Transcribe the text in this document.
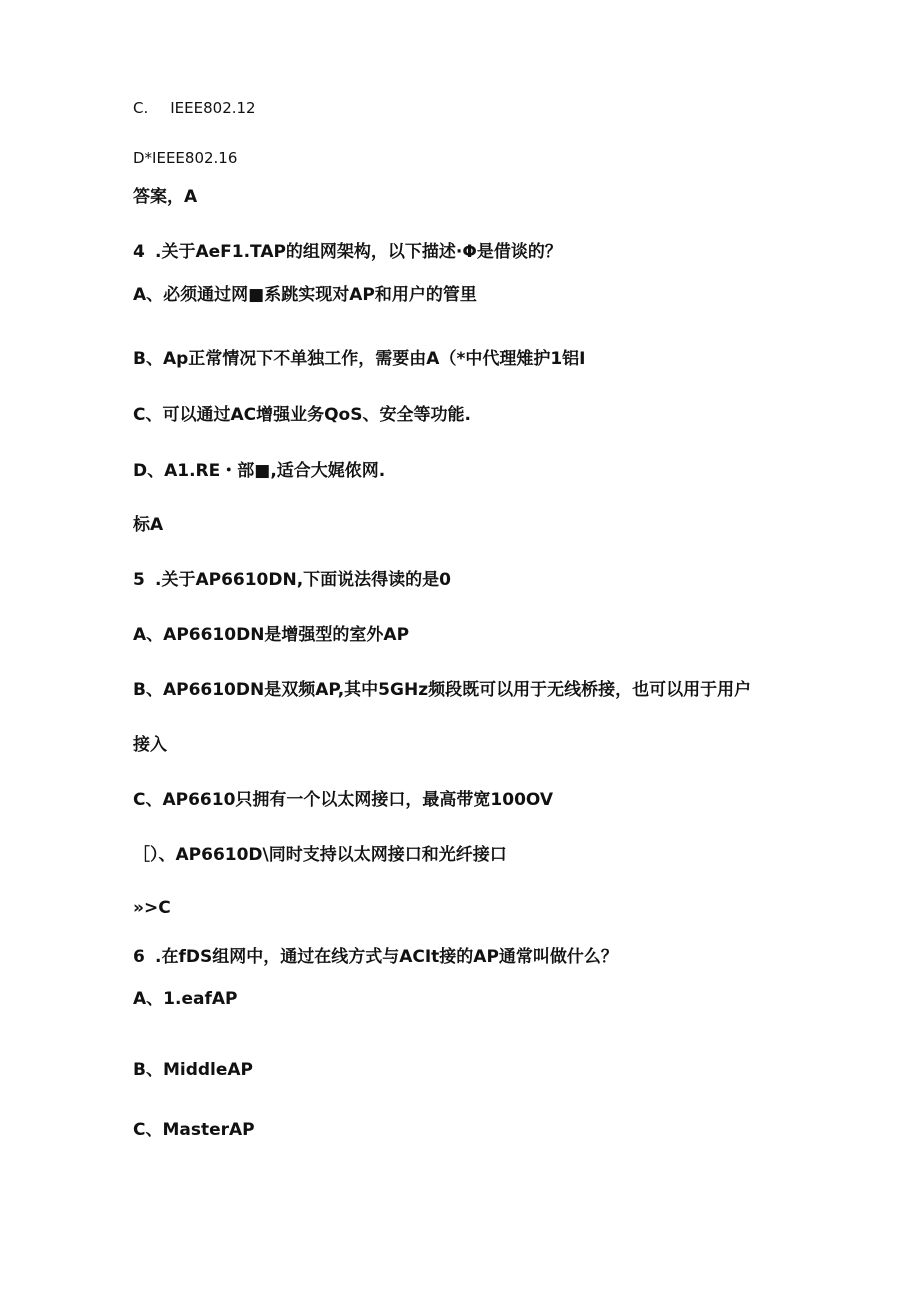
C. IEEE802.12
D*IEEE802.16
答案，A
4 .关于AeF1.TAP的组网架构，以下描述·Φ是借谈的？
A、必须通过网■系跳实现对AP和用户的管里
B、Ap正常情况下不单独工作，需要由A（*中代理雉护1铝I
C、可以通过AC增强业务QoS、安全等功能.
D、A1.RE・部■,适合大娓侬网.
标A
5 .关于AP6610DN,下面说法得读的是0
A、AP6610DN是增强型的室外AP
B、AP6610DN是双频AP,其中5GHz频段既可以用于无线桥接，也可以用于用户
接入
C、AP6610只拥有一个以太网接口，最高带宽100OV
［）、AP6610D\同时支持以太网接口和光纤接口
»>C
6 .在fDS组网中，通过在线方式与ACIt接的AP通常叫做什么？
A、1.eafAP
B、MiddleAP
C、MasterAP
